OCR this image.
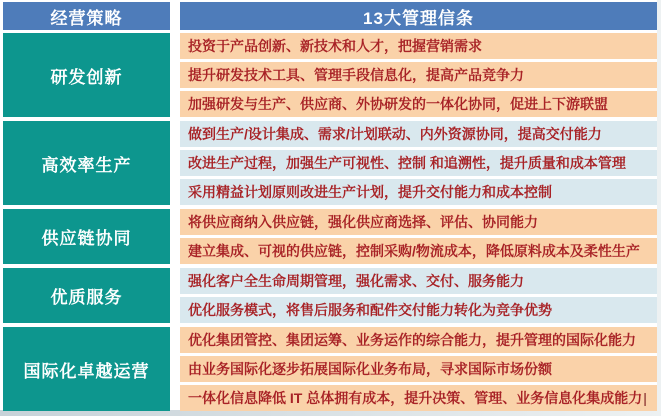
经营策略	13大管理信条
研发创新
投资于产品创新、新技术和人才，把握营销需求
提升研发技术工具、管理手段信息化，提高产品竞争力
加强研发与生产、供应商、外协研发的一体化协同，促进上下游联盟
高效率生产
做到生产/设计集成、需求/计划联动、内外资源协同，提高交付能力
改进生产过程，加强生产可视性、控制 和追溯性，提升质量和成本管理
采用精益计划原则改进生产计划，提升交付能力和成本控制
供应链协同
将供应商纳入供应链，强化供应商选择、评估、协同能力
建立集成、可视的供应链，控制采购/物流成本，降低原料成本及柔性生产
优质服务
强化客户全生命周期管理，强化需求、交付、服务能力
优化服务模式，将售后服务和配件交付能力转化为竞争优势
国际化卓越运营
优化集团管控、集团运筹、业务运作的综合能力，提升管理的国际化能力
由业务国际化逐步拓展国际化业务布局，寻求国际市场份额
一体化信息降低 IT 总体拥有成本，提升决策、管理、业务信息化集成能力 |
